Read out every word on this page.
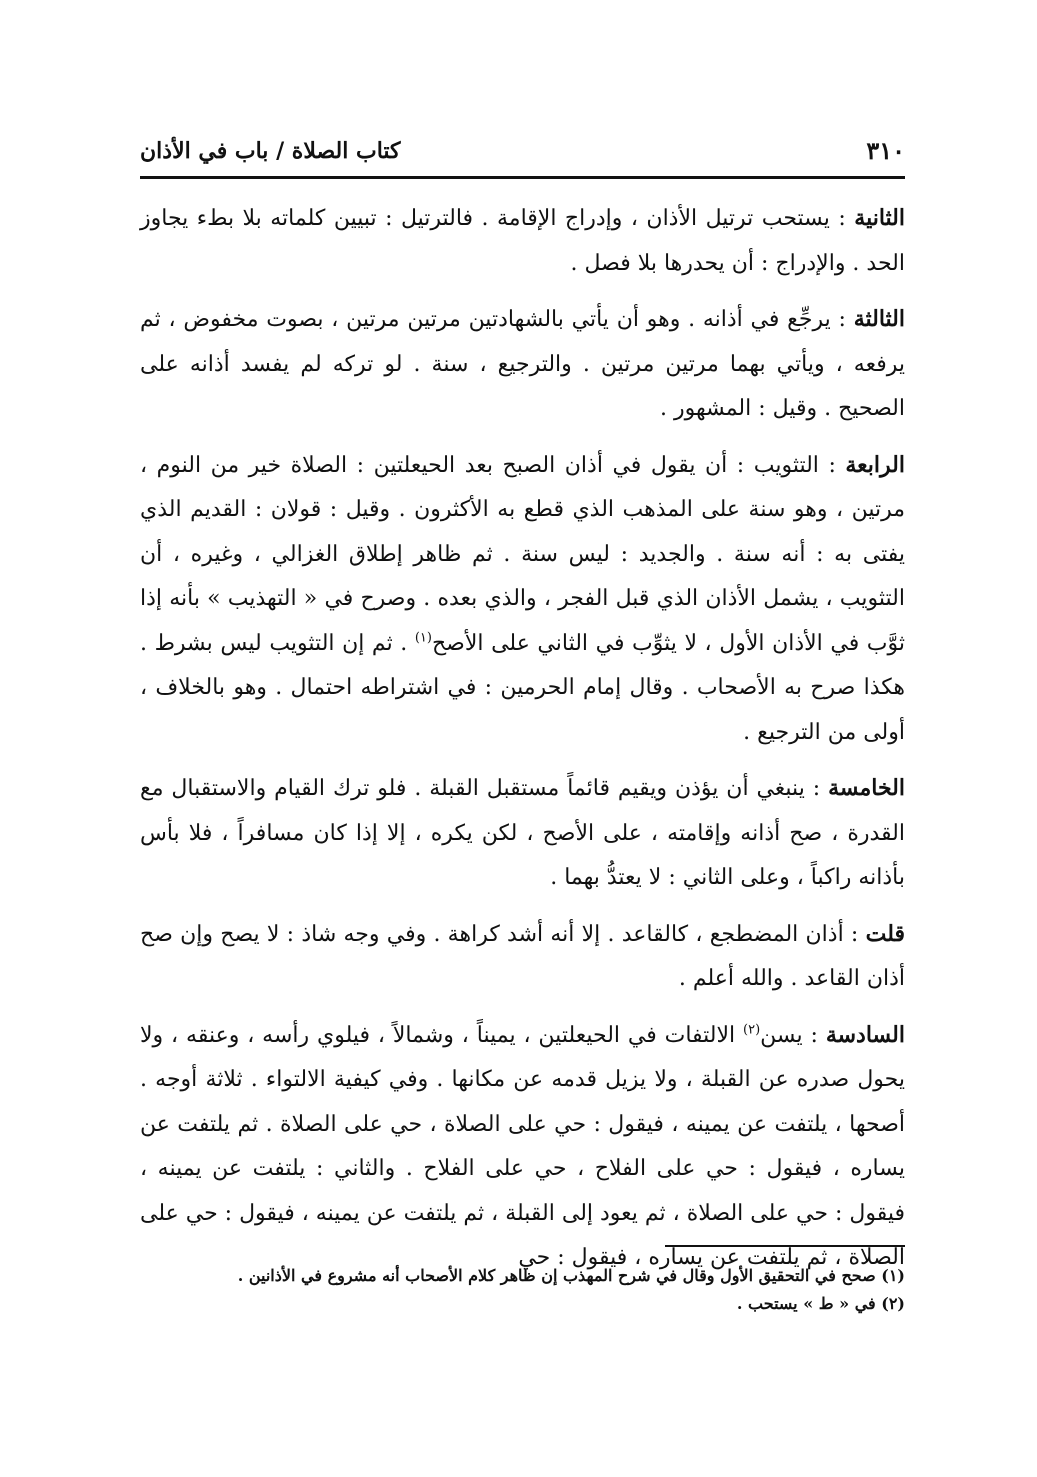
٣١٠
كتاب الصلاة / باب في الأذان

الثانية : يستحب ترتيل الأذان ، وإدراج الإقامة . فالترتيل : تبيين كلماته بلا بطء يجاوز الحد . والإدراج : أن يحدرها بلا فصل .

الثالثة : يرجِّع في أذانه . وهو أن يأتي بالشهادتين مرتين مرتين ، بصوت مخفوض ، ثم يرفعه ، ويأتي بهما مرتين مرتين . والترجيع ، سنة . لو تركه لم يفسد أذانه على الصحيح . وقيل : المشهور .

الرابعة : التثويب : أن يقول في أذان الصبح بعد الحيعلتين : الصلاة خير من النوم ، مرتين ، وهو سنة على المذهب الذي قطع به الأكثرون . وقيل : قولان : القديم الذي يفتى به : أنه سنة . والجديد : ليس سنة . ثم ظاهر إطلاق الغزالي ، وغيره ، أن التثويب ، يشمل الأذان الذي قبل الفجر ، والذي بعده . وصرح في « التهذيب » بأنه إذا ثوَّب في الأذان الأول ، لا يثوِّب في الثاني على الأصح$^{(١)}$ . ثم إن التثويب ليس بشرط . هكذا صرح به الأصحاب . وقال إمام الحرمين : في اشتراطه احتمال . وهو بالخلاف ، أولى من الترجيع .

الخامسة : ينبغي أن يؤذن ويقيم قائماً مستقبل القبلة . فلو ترك القيام والاستقبال مع القدرة ، صح أذانه وإقامته ، على الأصح ، لكن يكره ، إلا إذا كان مسافراً ، فلا بأس بأذانه راكباً ، وعلى الثاني : لا يعتدُّ بهما .

قلت : أذان المضطجع ، كالقاعد . إلا أنه أشد كراهة . وفي وجه شاذ : لا يصح وإن صح أذان القاعد . والله أعلم .

السادسة : يسن$^{(٢)}$ الالتفات في الحيعلتين ، يميناً ، وشمالاً ، فيلوي رأسه ، وعنقه ، ولا يحول صدره عن القبلة ، ولا يزيل قدمه عن مكانها . وفي كيفية الالتواء . ثلاثة أوجه . أصحها ، يلتفت عن يمينه ، فيقول : حي على الصلاة ، حي على الصلاة . ثم يلتفت عن يساره ، فيقول : حي على الفلاح ، حي على الفلاح . والثاني : يلتفت عن يمينه ، فيقول : حي على الصلاة ، ثم يعود إلى القبلة ، ثم يلتفت عن يمينه ، فيقول : حي على الصلاة ، ثم يلتفت عن يساره ، فيقول : حي

(١) صحح في التحقيق الأول وقال في شرح المهذب إن ظاهر كلام الأصحاب أنه مشروع في الأذانين .

(٢) في « ط » يستحب .
